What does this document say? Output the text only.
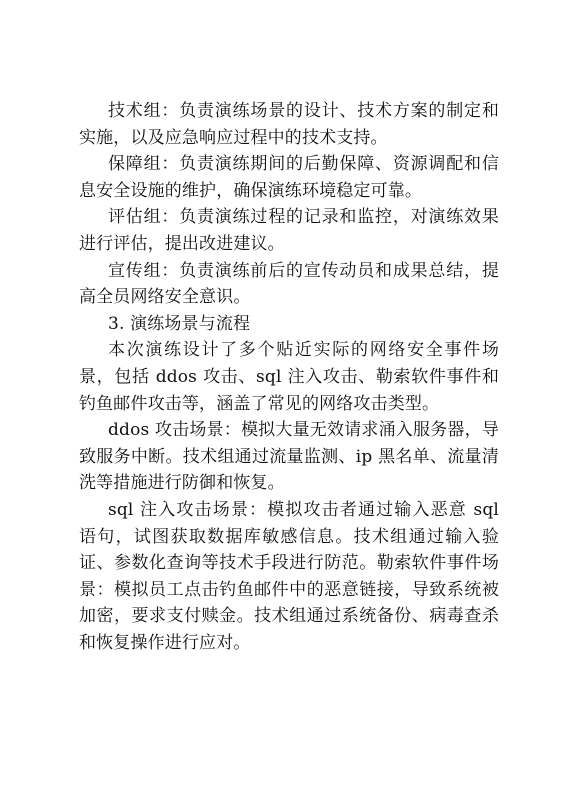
技术组：负责演练场景的设计、技术方案的制定和实施，以及应急响应过程中的技术支持。

保障组：负责演练期间的后勤保障、资源调配和信息安全设施的维护，确保演练环境稳定可靠。

评估组：负责演练过程的记录和监控，对演练效果进行评估，提出改进建议。

宣传组：负责演练前后的宣传动员和成果总结，提高全员网络安全意识。

3. 演练场景与流程

本次演练设计了多个贴近实际的网络安全事件场景，包括 ddos 攻击、sql 注入攻击、勒索软件事件和钓鱼邮件攻击等，涵盖了常见的网络攻击类型。

ddos 攻击场景：模拟大量无效请求涌入服务器，导致服务中断。技术组通过流量监测、ip 黑名单、流量清洗等措施进行防御和恢复。

sql 注入攻击场景：模拟攻击者通过输入恶意 sql 语句，试图获取数据库敏感信息。技术组通过输入验证、参数化查询等技术手段进行防范。勒索软件事件场景：模拟员工点击钓鱼邮件中的恶意链接，导致系统被加密，要求支付赎金。技术组通过系统备份、病毒查杀和恢复操作进行应对。
